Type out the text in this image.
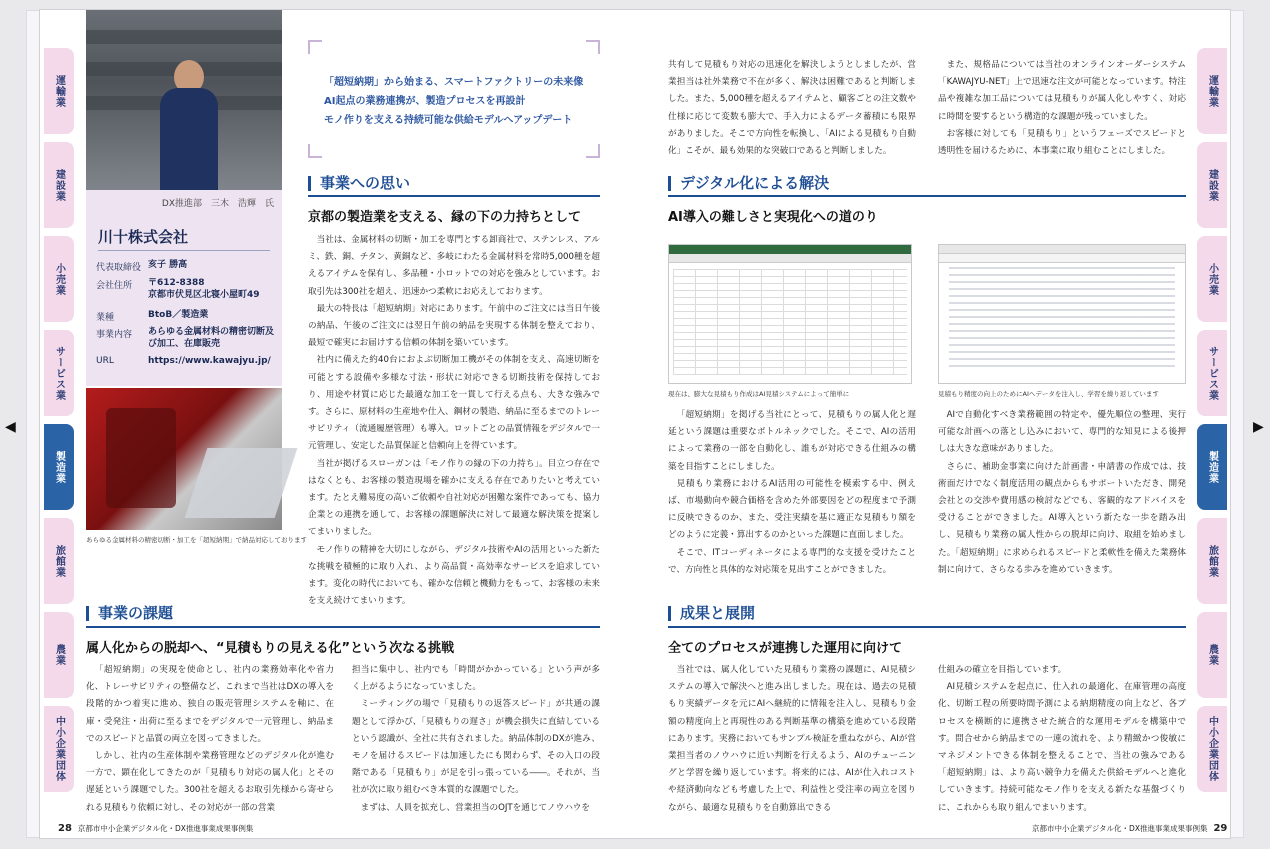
◀	▶
運輸業
建設業
小売業
サービス業
製造業
旅館業
農業
中小企業団体
運輸業
建設業
小売業
サービス業
製造業
旅館業
農業
中小企業団体
DX推進部　三木　浩輝　氏
川十株式会社
代表取締役 亥子 勝高
会社住所	〒612-8388
京都市伏見区北寝小屋町49
業種	BtoB／製造業
事業内容	あらゆる金属材料の精密切断及び加工、在庫販売
URL	https://www.kawajyu.jp/
あらゆる金属材料の精密切断・加工を「超短納期」で納品対応しております
「超短納期」から始まる、スマートファクトリーの未来像
AI起点の業務連携が、製造プロセスを再設計
モノ作りを支える持続可能な供給モデルへアップデート
事業への思い
京都の製造業を支える、縁の下の力持ちとして

当社は、金属材料の切断・加工を専門とする卸商社で、ステンレス、アルミ、鉄、銅、チタン、黄銅など、多岐にわたる金属材料を常時5,000種を超えるアイテムを保有し、多品種・小ロットでの対応を強みとしています。お取引先は300社を超え、迅速かつ柔軟にお応えしております。

最大の特長は「超短納期」対応にあります。午前中のご注文には当日午後の納品、午後のご注文には翌日午前の納品を実現する体制を整えており、最短で確実にお届けする信頼の体制を築いています。

社内に備えた約40台におよぶ切断加工機がその体制を支え、高速切断を可能とする設備や多様な寸法・形状に対応できる切断技術を保持しており、用途や材質に応じた最適な加工を一貫して行える点も、大きな強みです。さらに、原材料の生産地や仕入、鋼材の製造、納品に至るまでのトレーサビリティ（流通履歴管理）も導入。ロットごとの品質情報をデジタルで一元管理し、安定した品質保証と信頼向上を得ています。

当社が掲げるスローガンは「モノ作りの縁の下の力持ち」。目立つ存在ではなくとも、お客様の製造現場を確かに支える存在でありたいと考えています。たとえ難易度の高いご依頼や自社対応が困難な案件であっても、協力企業との連携を通して、お客様の課題解決に対して最適な解決策を提案してまいりました。

モノ作りの精神を大切にしながら、デジタル技術やAIの活用といった新たな挑戦を積極的に取り入れ、より高品質・高効率なサービスを追求しています。変化の時代においても、確かな信頼と機動力をもって、お客様の未来を支え続けてまいります。

事業の課題
属人化からの脱却へ、“見積もりの見える化”という次なる挑戦

「超短納期」の実現を使命とし、社内の業務効率化や省力化、トレーサビリティの整備など、これまで当社はDXの導入を段階的かつ着実に進め、独自の販売管理システムを軸に、在庫・受発注・出荷に至るまでをデジタルで一元管理し、納品までのスピードと品質の両立を図ってきました。

しかし、社内の生産体制や業務管理などのデジタル化が進む一方で、顕在化してきたのが「見積もり対応の属人化」とその遅延という課題でした。300社を超えるお取引先様から寄せられる見積もり依頼に対し、その対応が一部の営業

担当に集中し、社内でも「時間がかかっている」という声が多く上がるようになっていました。

ミーティングの場で「見積もりの返答スピード」が共通の課題として浮かび、「見積もりの遅さ」が機会損失に直結しているという認識が、全社に共有されました。納品体制のDXが進み、モノを届けるスピードは加速したにも関わらず、その入口の段階である「見積もり」が足を引っ張っている――。それが、当社が次に取り組むべき本質的な課題でした。

まずは、人員を拡充し、営業担当のOJTを通じてノウハウを

共有して見積もり対応の迅速化を解決しようとしましたが、営業担当は社外業務で不在が多く、解決は困難であると判断しました。また、5,000種を超えるアイテムと、顧客ごとの注文数や仕様に応じて変数も膨大で、手入力によるデータ蓄積にも限界がありました。そこで方向性を転換し、「AIによる見積もり自動化」こそが、最も効果的な突破口であると判断しました。

また、規格品については当社のオンラインオーダーシステム「KAWAJYU-NET」上で迅速な注文が可能となっています。特注品や複雑な加工品については見積もりが属人化しやすく、対応に時間を要するという構造的な課題が残っていました。

お客様に対しても「見積もり」というフェーズでスピードと透明性を届けるために、本事業に取り組むことにしました。

デジタル化による解決
AI導入の難しさと実現化への道のり
現在は、膨大な見積もり作成はAI見積システムによって簡単に	見積もり精度の向上のためにAIへデータを注入し、学習を繰り返しています

「超短納期」を掲げる当社にとって、見積もりの属人化と遅延という課題は重要なボトルネックでした。そこで、AIの活用によって業務の一部を自動化し、誰もが対応できる仕組みの構築を目指すことにしました。

見積もり業務におけるAI活用の可能性を模索する中、例えば、市場動向や競合価格を含めた外部要因をどの程度まで予測に反映できるのか、また、受注実績を基に適正な見積もり額をどのように定義・算出するのかといった課題に直面しました。

そこで、ITコーディネータによる専門的な支援を受けたことで、方向性と具体的な対応策を見出すことができました。

AIで自動化すべき業務範囲の特定や、優先順位の整理、実行可能な計画への落とし込みにおいて、専門的な知見による後押しは大きな意味がありました。

さらに、補助金事業に向けた計画書・申請書の作成では、技術面だけでなく制度活用の観点からもサポートいただき、開発会社との交渉や費用感の検討などでも、客観的なアドバイスを受けることができました。AI導入という新たな一歩を踏み出し、見積もり業務の属人性からの脱却に向け、取組を始めました。「超短納期」に求められるスピードと柔軟性を備えた業務体制に向けて、さらなる歩みを進めていきます。

成果と展開
全てのプロセスが連携した運用に向けて

当社では、属人化していた見積もり業務の課題に、AI見積システムの導入で解決へと進み出しました。現在は、過去の見積もり実績データを元にAIへ継続的に情報を注入し、見積もり金額の精度向上と再現性のある判断基準の構築を進めている段階にあります。実務においてもサンプル検証を重ねながら、AIが営業担当者のノウハウに近い判断を行えるよう、AIのチューニングと学習を繰り返しています。将来的には、AIが仕入れコストや経済動向なども考慮した上で、利益性と受注率の両立を図りながら、最適な見積もりを自動算出できる

仕組みの確立を目指しています。

AI見積システムを起点に、仕入れの最適化、在庫管理の高度化、切断工程の所要時間予測による納期精度の向上など、各プロセスを横断的に連携させた統合的な運用モデルを構築中です。問合せから納品までの一連の流れを、より精緻かつ俊敏にマネジメントできる体制を整えることで、当社の強みである「超短納期」は、より高い競争力を備えた供給モデルへと進化していきます。持続可能なモノ作りを支える新たな基盤づくりに、これからも取り組んでまいります。

28 京都市中小企業デジタル化・DX推進事業成果事例集	京都市中小企業デジタル化・DX推進事業成果事例集 29
